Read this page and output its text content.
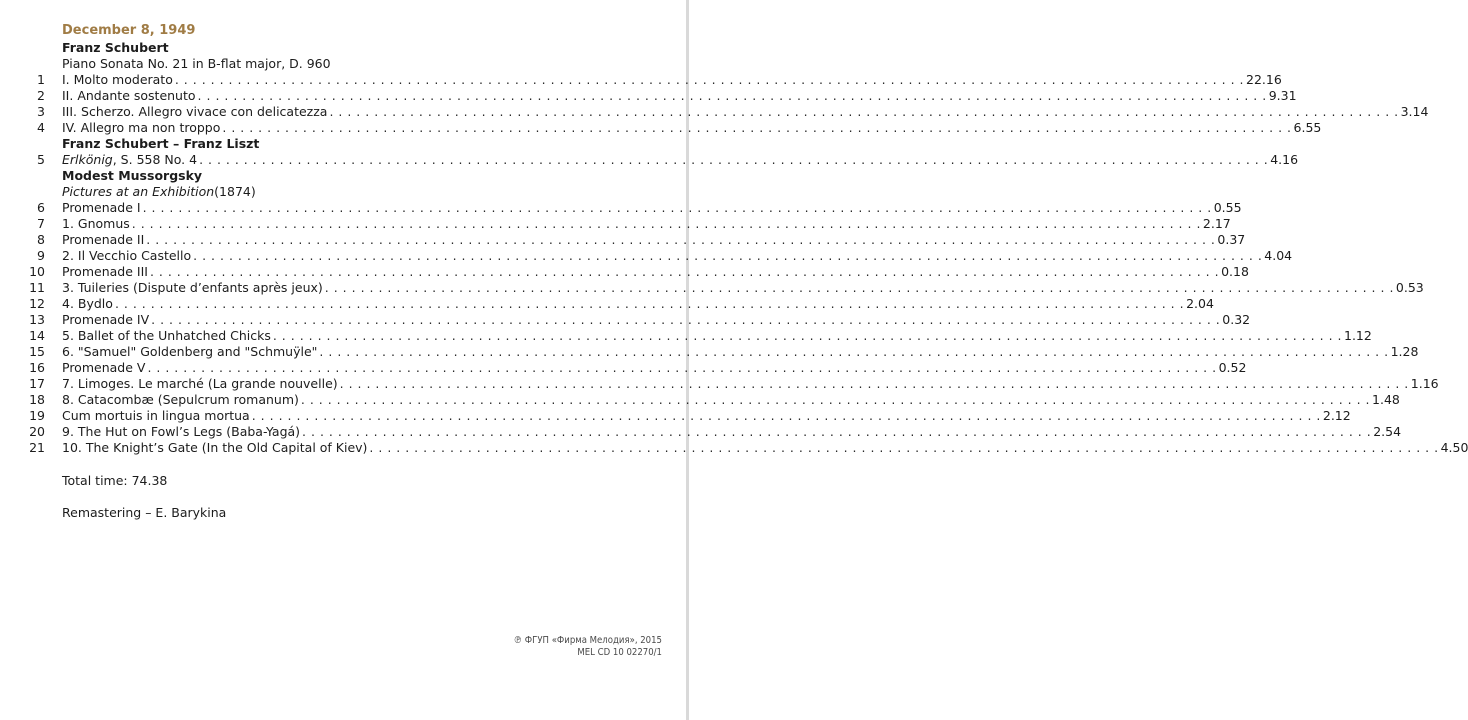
December 8, 1949
Franz Schubert
Piano Sonata No. 21 in B-flat major, D. 960
1 I. Molto moderato . . . . . . . . . . . . . . . . . . . . . . . . . . . . . . . . . . . . . . . . . . . . . . . . . . . . . . . . . . . . . . . . . . . . . . . . . . . . . . . . . . . . . . . . . . . . . . . . . . . . . . . . . . . . . . . . . . . . . . . . 22.16
2 II. Andante sostenuto . . . . . . . . . . . . . . . . . . . . . . . . . . . . . . . . . . . . . . . . . . . . . . . . . . . . . . . . . . . . . . . . . . . . . . . . . . . . . . . . . . . . . . . . . . . . . . . . . . . . . . . . . . . . . . . . . . . . . . . . 9.31
3 III. Scherzo. Allegro vivace con delicatezza . . . . . . . . . . . . . . . . . . . . . . . . . . . . . . . . . . . . . . . . . . . . . . . . . . . . . . . . . . . . . . . . . . . . . . . . . . . . . . . . . . . . . . . . . . . . . . . . . . . . . . . . . . . . . . . . . . . . . . . . 3.14
4 IV. Allegro ma non troppo . . . . . . . . . . . . . . . . . . . . . . . . . . . . . . . . . . . . . . . . . . . . . . . . . . . . . . . . . . . . . . . . . . . . . . . . . . . . . . . . . . . . . . . . . . . . . . . . . . . . . . . . . . . . . . . . . . . . . . . . 6.55
Franz Schubert – Franz Liszt
5 Erlkönig, S. 558 No. 4 . . . . . . . . . . . . . . . . . . . . . . . . . . . . . . . . . . . . . . . . . . . . . . . . . . . . . . . . . . . . . . . . . . . . . . . . . . . . . . . . . . . . . . . . . . . . . . . . . . . . . . . . . . . . . . . . . . . . . . . . 4.16
Modest Mussorgsky
Pictures at an Exhibition (1874)
6 Promenade I . . . . . . . . . . . . . . . . . . . . . . . . . . . . . . . . . . . . . . . . . . . . . . . . . . . . . . . . . . . . . . . . . . . . . . . . . . . . . . . . . . . . . . . . . . . . . . . . . . . . . . . . . . . . . . . . . . . . . . . . 0.55
7 1. Gnomus . . . . . . . . . . . . . . . . . . . . . . . . . . . . . . . . . . . . . . . . . . . . . . . . . . . . . . . . . . . . . . . . . . . . . . . . . . . . . . . . . . . . . . . . . . . . . . . . . . . . . . . . . . . . . . . . . . . . . . . . 2.17
8 Promenade II . . . . . . . . . . . . . . . . . . . . . . . . . . . . . . . . . . . . . . . . . . . . . . . . . . . . . . . . . . . . . . . . . . . . . . . . . . . . . . . . . . . . . . . . . . . . . . . . . . . . . . . . . . . . . . . . . . . . . . . . 0.37
9 2. Il Vecchio Castello . . . . . . . . . . . . . . . . . . . . . . . . . . . . . . . . . . . . . . . . . . . . . . . . . . . . . . . . . . . . . . . . . . . . . . . . . . . . . . . . . . . . . . . . . . . . . . . . . . . . . . . . . . . . . . . . . . . . . . . . 4.04
10 Promenade III . . . . . . . . . . . . . . . . . . . . . . . . . . . . . . . . . . . . . . . . . . . . . . . . . . . . . . . . . . . . . . . . . . . . . . . . . . . . . . . . . . . . . . . . . . . . . . . . . . . . . . . . . . . . . . . . . . . . . . . . 0.18
11 3. Tuileries (Dispute d’enfants après jeux) . . . . . . . . . . . . . . . . . . . . . . . . . . . . . . . . . . . . . . . . . . . . . . . . . . . . . . . . . . . . . . . . . . . . . . . . . . . . . . . . . . . . . . . . . . . . . . . . . . . . . . . . . . . . . . . . . . . . . . . . 0.53
12 4. Bydlo . . . . . . . . . . . . . . . . . . . . . . . . . . . . . . . . . . . . . . . . . . . . . . . . . . . . . . . . . . . . . . . . . . . . . . . . . . . . . . . . . . . . . . . . . . . . . . . . . . . . . . . . . . . . . . . . . . . . . . . . 2.04
13 Promenade IV . . . . . . . . . . . . . . . . . . . . . . . . . . . . . . . . . . . . . . . . . . . . . . . . . . . . . . . . . . . . . . . . . . . . . . . . . . . . . . . . . . . . . . . . . . . . . . . . . . . . . . . . . . . . . . . . . . . . . . . . 0.32
14 5. Ballet of the Unhatched Chicks . . . . . . . . . . . . . . . . . . . . . . . . . . . . . . . . . . . . . . . . . . . . . . . . . . . . . . . . . . . . . . . . . . . . . . . . . . . . . . . . . . . . . . . . . . . . . . . . . . . . . . . . . . . . . . . . . . . . . . . . 1.12
15 6. "Samuel" Goldenberg and "Schmuÿle" . . . . . . . . . . . . . . . . . . . . . . . . . . . . . . . . . . . . . . . . . . . . . . . . . . . . . . . . . . . . . . . . . . . . . . . . . . . . . . . . . . . . . . . . . . . . . . . . . . . . . . . . . . . . . . . . . . . . . . . . 1.28
16 Promenade V . . . . . . . . . . . . . . . . . . . . . . . . . . . . . . . . . . . . . . . . . . . . . . . . . . . . . . . . . . . . . . . . . . . . . . . . . . . . . . . . . . . . . . . . . . . . . . . . . . . . . . . . . . . . . . . . . . . . . . . . 0.52
17 7. Limoges. Le marché (La grande nouvelle) . . . . . . . . . . . . . . . . . . . . . . . . . . . . . . . . . . . . . . . . . . . . . . . . . . . . . . . . . . . . . . . . . . . . . . . . . . . . . . . . . . . . . . . . . . . . . . . . . . . . . . . . . . . . . . . . . . . . . . . . 1.16
18 8. Catacombæ (Sepulcrum romanum) . . . . . . . . . . . . . . . . . . . . . . . . . . . . . . . . . . . . . . . . . . . . . . . . . . . . . . . . . . . . . . . . . . . . . . . . . . . . . . . . . . . . . . . . . . . . . . . . . . . . . . . . . . . . . . . . . . . . . . . . 1.48
19 Cum mortuis in lingua mortua . . . . . . . . . . . . . . . . . . . . . . . . . . . . . . . . . . . . . . . . . . . . . . . . . . . . . . . . . . . . . . . . . . . . . . . . . . . . . . . . . . . . . . . . . . . . . . . . . . . . . . . . . . . . . . . . . . . . . . . . 2.12
20 9. The Hut on Fowl’s Legs (Baba-Yagá) . . . . . . . . . . . . . . . . . . . . . . . . . . . . . . . . . . . . . . . . . . . . . . . . . . . . . . . . . . . . . . . . . . . . . . . . . . . . . . . . . . . . . . . . . . . . . . . . . . . . . . . . . . . . . . . . . . . . . . . . 2.54
21 10. The Knight’s Gate (In the Old Capital of Kiev) . . . . . . . . . . . . . . . . . . . . . . . . . . . . . . . . . . . . . . . . . . . . . . . . . . . . . . . . . . . . . . . . . . . . . . . . . . . . . . . . . . . . . . . . . . . . . . . . . . . . . . . . . . . . . . . . . . . . . . . . 4.50
Total time: 74.38
Remastering – E. Barykina
℗ ФГУП «Фирма Мелодия», 2015
MEL CD 10 02270/1
